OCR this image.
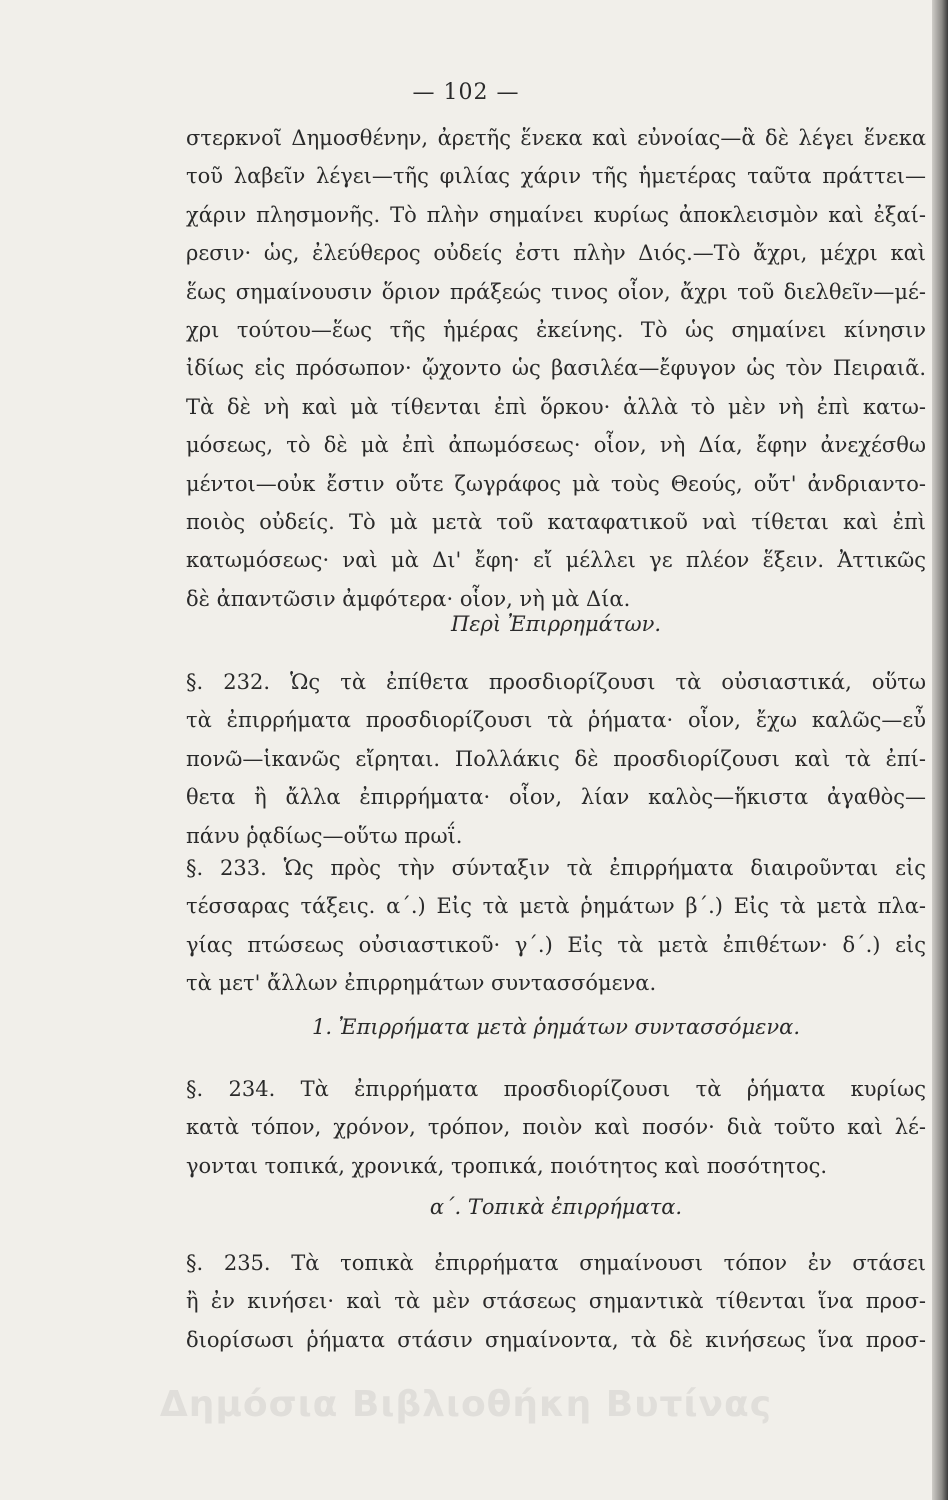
— 102 —
στερκνοῖ Δημοσθένην, ἀρετῆς ἕνεκα καὶ εὐνοίας—ἃ δὲ λέγει ἕνεκα
τοῦ λαβεῖν λέγει—τῆς φιλίας χάριν τῆς ἡμετέρας ταῦτα πράττει—
χάριν πλησμονῆς. Τὸ πλὴν σημαίνει κυρίως ἀποκλεισμὸν καὶ ἐξαί-
ρεσιν· ὡς, ἐλεύθερος οὐδείς ἐστι πλὴν Διός.—Τὸ ἄχρι, μέχρι καὶ
ἕως σημαίνουσιν ὅριον πράξεώς τινος οἷον, ἄχρι τοῦ διελθεῖν—μέ-
χρι τούτου—ἕως τῆς ἡμέρας ἐκείνης. Τὸ ὡς σημαίνει κίνησιν
ἰδίως εἰς πρόσωπον· ᾤχοντο ὡς βασιλέα—ἔφυγον ὡς τὸν Πειραιᾶ.
Τὰ δὲ νὴ καὶ μὰ τίθενται ἐπὶ ὅρκου· ἀλλὰ τὸ μὲν νὴ ἐπὶ κατω-
μόσεως, τὸ δὲ μὰ ἐπὶ ἀπωμόσεως· οἷον, νὴ Δία, ἔφην ἀνεχέσθω
μέντοι—οὐκ ἔστιν οὔτε ζωγράφος μὰ τοὺς Θεούς, οὔτ' ἀνδριαντο-
ποιὸς οὐδείς. Τὸ μὰ μετὰ τοῦ καταφατικοῦ ναὶ τίθεται καὶ ἐπὶ
κατωμόσεως· ναὶ μὰ Δι' ἔφη· εἴ μέλλει γε πλέον ἕξειν. Ἀττικῶς
δὲ ἀπαντῶσιν ἀμφότερα· οἷον, νὴ μὰ Δία.
Περὶ Ἐπιρρημάτων.
§. 232. Ὡς τὰ ἐπίθετα προσδιορίζουσι τὰ οὐσιαστικά, οὕτω
τὰ ἐπιρρήματα προσδιορίζουσι τὰ ῥήματα· οἷον, ἔχω καλῶς—εὖ
πονῶ—ἱκανῶς εἴρηται. Πολλάκις δὲ προσδιορίζουσι καὶ τὰ ἐπί-
θετα ἢ ἄλλα ἐπιρρήματα· οἷον, λίαν καλὸς—ἥκιστα ἀγαθὸς—
πάνυ ῥᾳδίως—οὕτω πρωΐ.
§. 233. Ὡς πρὸς τὴν σύνταξιν τὰ ἐπιρρήματα διαιροῦνται εἰς
τέσσαρας τάξεις. α΄.) Εἰς τὰ μετὰ ῥημάτων β΄.) Εἰς τὰ μετὰ πλα-
γίας πτώσεως οὐσιαστικοῦ· γ΄.) Εἰς τὰ μετὰ ἐπιθέτων· δ΄.) εἰς
τὰ μετ' ἄλλων ἐπιρρημάτων συντασσόμενα.
1. Ἐπιρρήματα μετὰ ῥημάτων συντασσόμενα.
§. 234. Τὰ ἐπιρρήματα προσδιορίζουσι τὰ ῥήματα κυρίως
κατὰ τόπον, χρόνον, τρόπον, ποιὸν καὶ ποσόν· διὰ τοῦτο καὶ λέ-
γονται τοπικά, χρονικά, τροπικά, ποιότητος καὶ ποσότητος.
α΄. Τοπικὰ ἐπιρρήματα.
§. 235. Τὰ τοπικὰ ἐπιρρήματα σημαίνουσι τόπον ἐν στάσει
ἢ ἐν κινήσει· καὶ τὰ μὲν στάσεως σημαντικὰ τίθενται ἵνα προσ-
διορίσωσι ῥήματα στάσιν σημαίνοντα, τὰ δὲ κινήσεως ἵνα προσ-
Δημόσια Βιβλιοθήκη Βυτίνας
